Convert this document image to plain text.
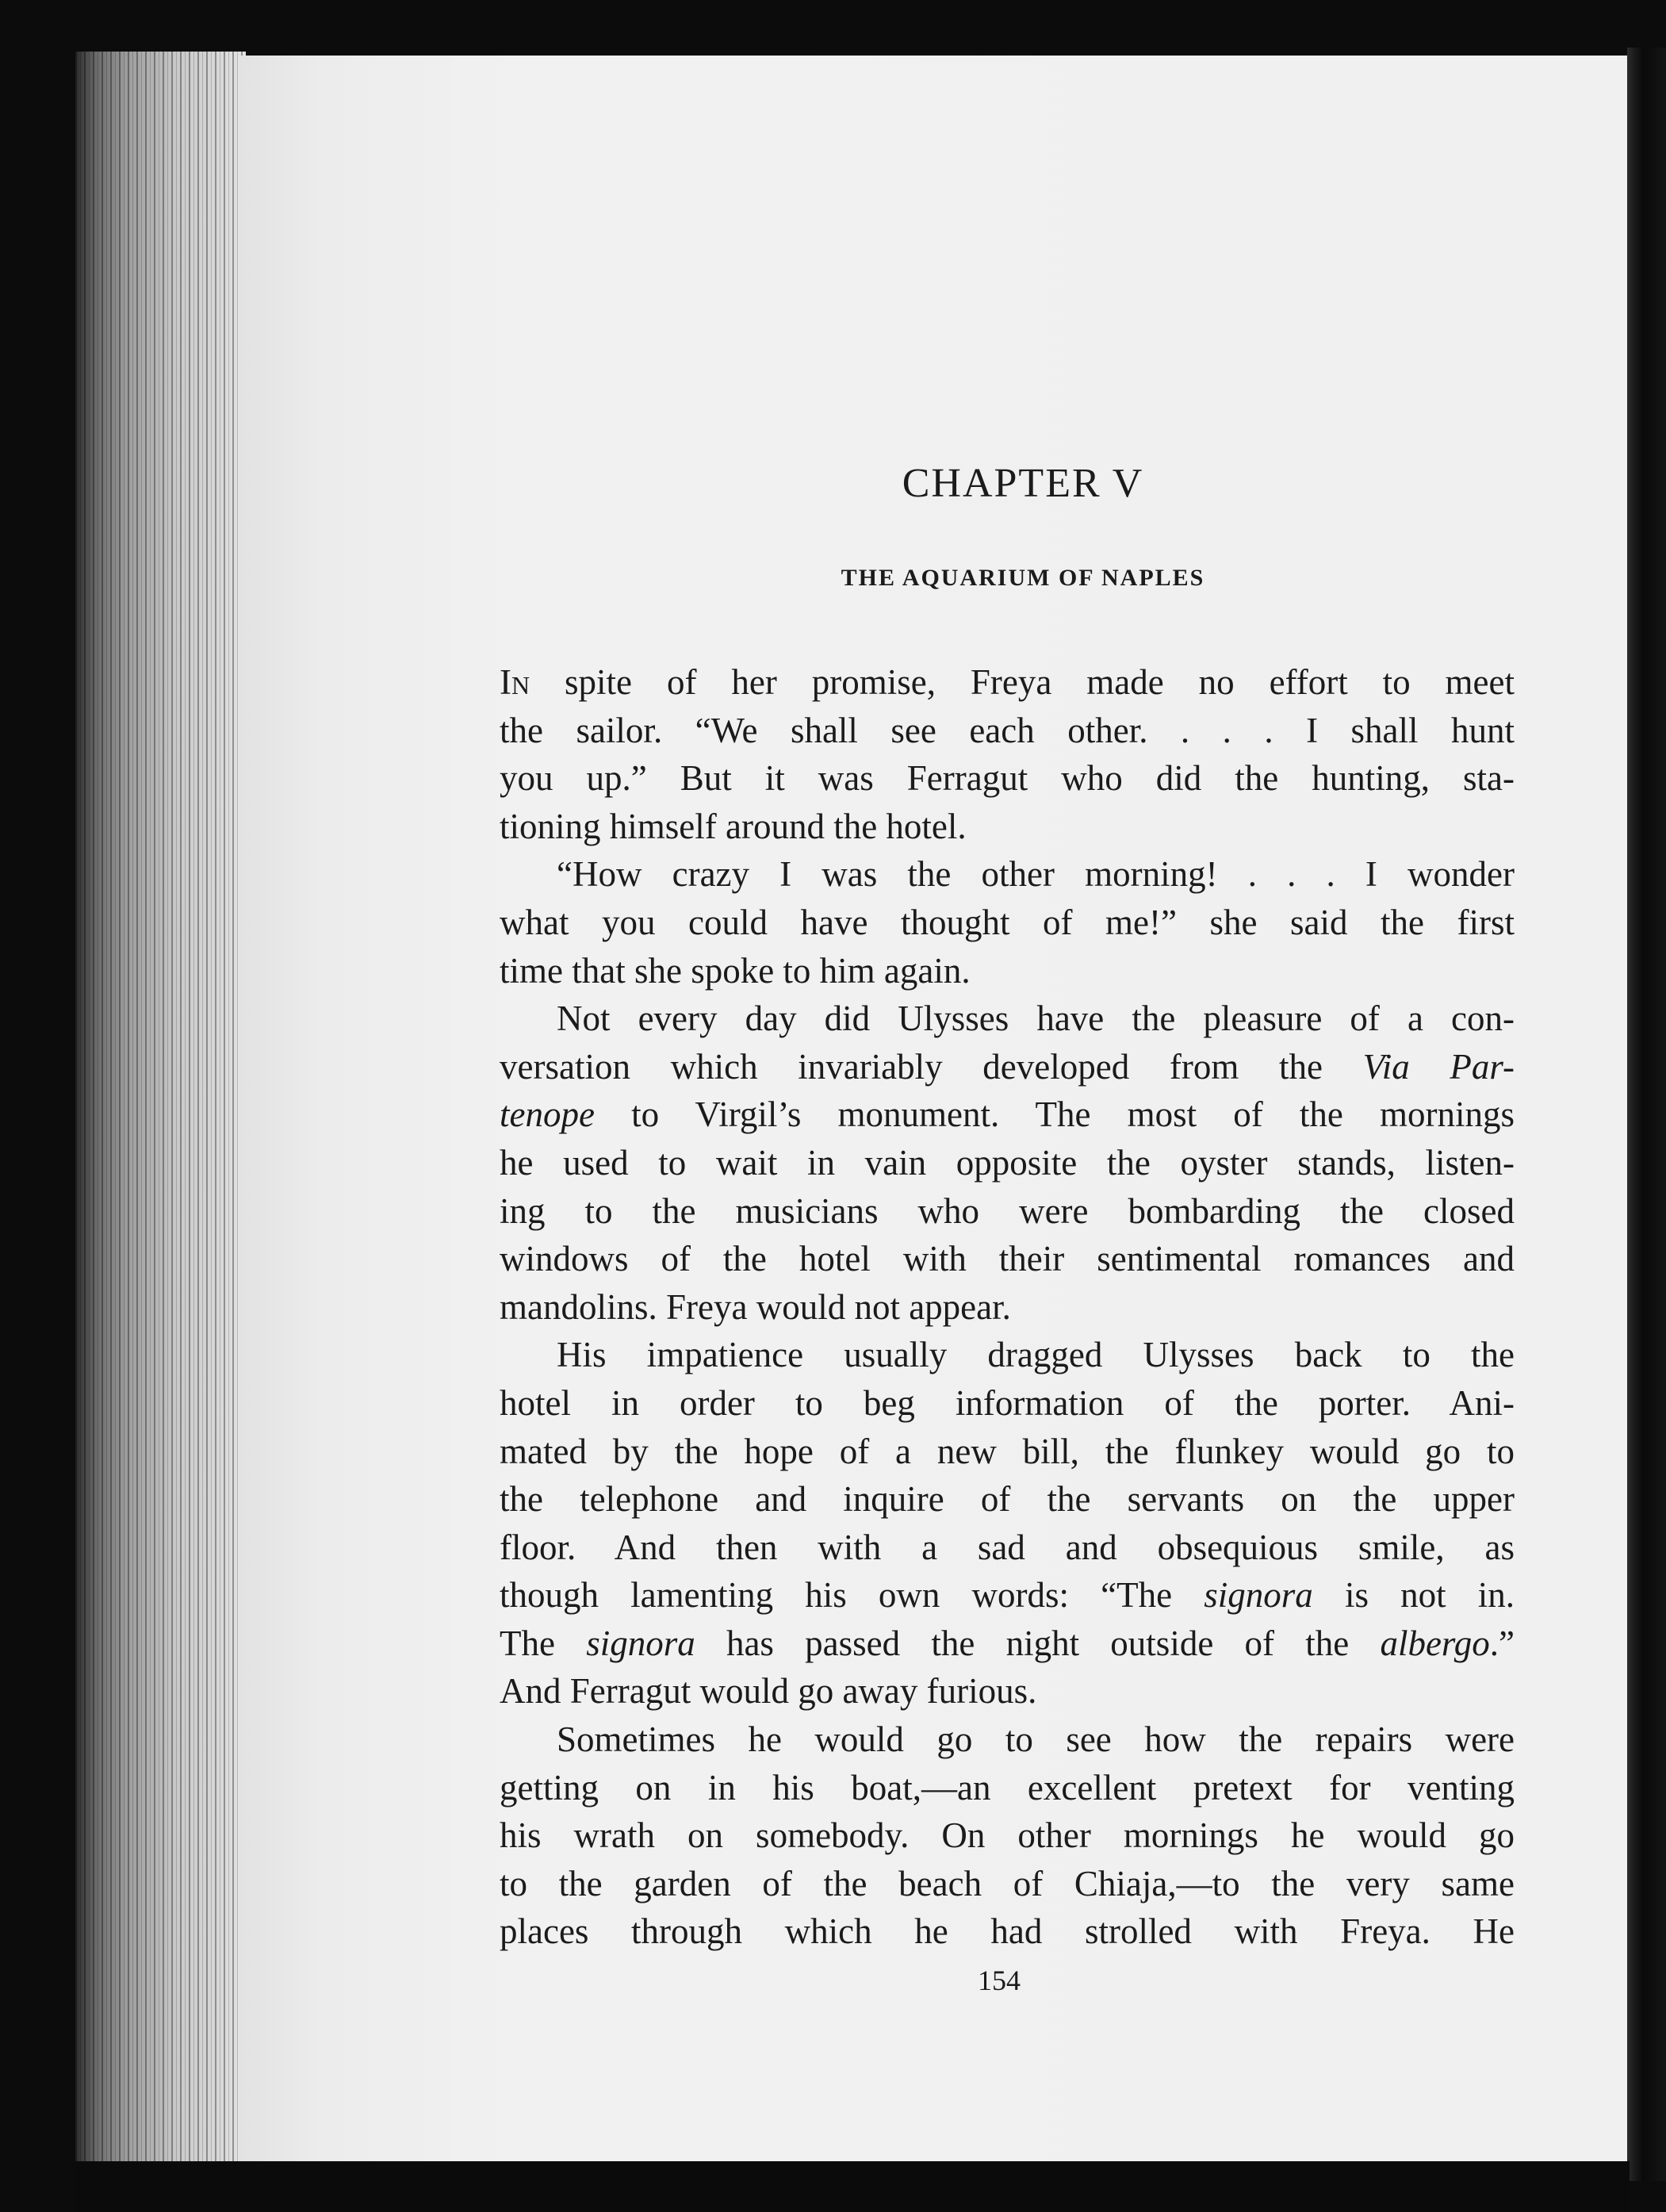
CHAPTER V
THE AQUARIUM OF NAPLES

In spite of her promise, Freya made no effort to meet
the sailor. “We shall see each other. . . . I shall hunt
you up.” But it was Ferragut who did the hunting, sta-
tioning himself around the hotel.

“How crazy I was the other morning! . . . I wonder
what you could have thought of me!” she said the first
time that she spoke to him again.

Not every day did Ulysses have the pleasure of a con-
versation which invariably developed from the Via Par-
tenope to Virgil’s monument. The most of the mornings
he used to wait in vain opposite the oyster stands, listen-
ing to the musicians who were bombarding the closed
windows of the hotel with their sentimental romances and
mandolins. Freya would not appear.

His impatience usually dragged Ulysses back to the
hotel in order to beg information of the porter. Ani-
mated by the hope of a new bill, the flunkey would go to
the telephone and inquire of the servants on the upper
floor. And then with a sad and obsequious smile, as
though lamenting his own words: “The signora is not in.
The signora has passed the night outside of the albergo.”
And Ferragut would go away furious.

Sometimes he would go to see how the repairs were
getting on in his boat,—an excellent pretext for venting
his wrath on somebody. On other mornings he would go
to the garden of the beach of Chiaja,—to the very same
places through which he had strolled with Freya. He

154
